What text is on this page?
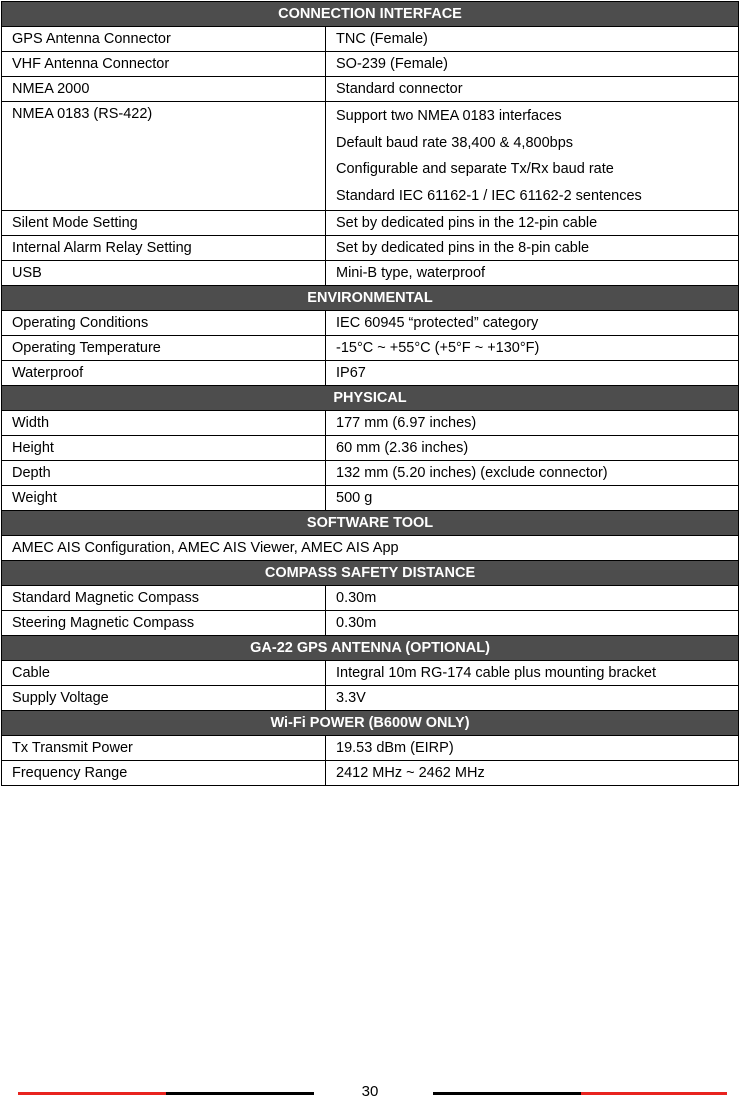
CONNECTION INTERFACE	
GPS Antenna Connector	TNC (Female)
VHF Antenna Connector	SO-239 (Female)
NMEA 2000	Standard connector
NMEA 0183 (RS-422)	Support two NMEA 0183 interfaces
Default baud rate 38,400 & 4,800bps
Configurable and separate Tx/Rx baud rate
Standard IEC 61162-1 / IEC 61162-2 sentences

Silent Mode Setting	Set by dedicated pins in the 12-pin cable
Internal Alarm Relay Setting	Set by dedicated pins in the 8-pin cable
USB	Mini-B type, waterproof
ENVIRONMENTAL	
Operating Conditions	IEC 60945 “protected” category
Operating Temperature	-15°C ~ +55°C (+5°F ~ +130°F)
Waterproof	IP67
PHYSICAL	
Width	177 mm (6.97 inches)
Height	60 mm (2.36 inches)
Depth	132 mm (5.20 inches) (exclude connector)
Weight	500 g
SOFTWARE TOOL	
AMEC AIS Configuration, AMEC AIS Viewer, AMEC AIS App	
COMPASS SAFETY DISTANCE	
Standard Magnetic Compass	0.30m
Steering Magnetic Compass	0.30m
GA-22 GPS ANTENNA (OPTIONAL)	
Cable	Integral 10m RG-174 cable plus mounting bracket
Supply Voltage	3.3V
Wi-Fi POWER (B600W ONLY)	
Tx Transmit Power	19.53 dBm (EIRP)
Frequency Range	2412 MHz ~ 2462 MHz
30
